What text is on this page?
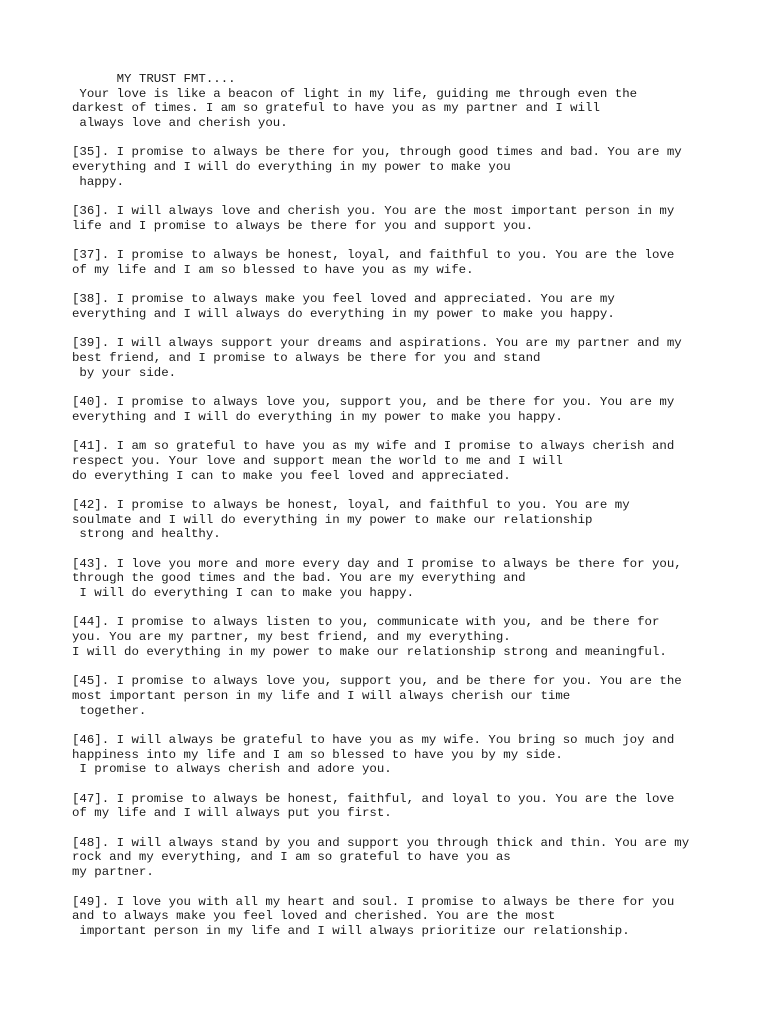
MY TRUST FMT....
Your love is like a beacon of light in my life, guiding me through even the
darkest of times. I am so grateful to have you as my partner and I will
always love and cherish you.
[35]. I promise to always be there for you, through good times and bad. You are my
everything and I will do everything in my power to make you
happy.
[36]. I will always love and cherish you. You are the most important person in my
life and I promise to always be there for you and support you.
[37]. I promise to always be honest, loyal, and faithful to you. You are the love
of my life and I am so blessed to have you as my wife.
[38]. I promise to always make you feel loved and appreciated. You are my
everything and I will always do everything in my power to make you happy.
[39]. I will always support your dreams and aspirations. You are my partner and my
best friend, and I promise to always be there for you and stand
by your side.
[40]. I promise to always love you, support you, and be there for you. You are my
everything and I will do everything in my power to make you happy.
[41]. I am so grateful to have you as my wife and I promise to always cherish and
respect you. Your love and support mean the world to me and I will
do everything I can to make you feel loved and appreciated.
[42]. I promise to always be honest, loyal, and faithful to you. You are my
soulmate and I will do everything in my power to make our relationship
strong and healthy.
[43]. I love you more and more every day and I promise to always be there for you,
through the good times and the bad. You are my everything and
I will do everything I can to make you happy.
[44]. I promise to always listen to you, communicate with you, and be there for
you. You are my partner, my best friend, and my everything.
I will do everything in my power to make our relationship strong and meaningful.
[45]. I promise to always love you, support you, and be there for you. You are the
most important person in my life and I will always cherish our time
together.
[46]. I will always be grateful to have you as my wife. You bring so much joy and
happiness into my life and I am so blessed to have you by my side.
I promise to always cherish and adore you.
[47]. I promise to always be honest, faithful, and loyal to you. You are the love
of my life and I will always put you first.
[48]. I will always stand by you and support you through thick and thin. You are my
rock and my everything, and I am so grateful to have you as
my partner.
[49]. I love you with all my heart and soul. I promise to always be there for you
and to always make you feel loved and cherished. You are the most
important person in my life and I will always prioritize our relationship.
